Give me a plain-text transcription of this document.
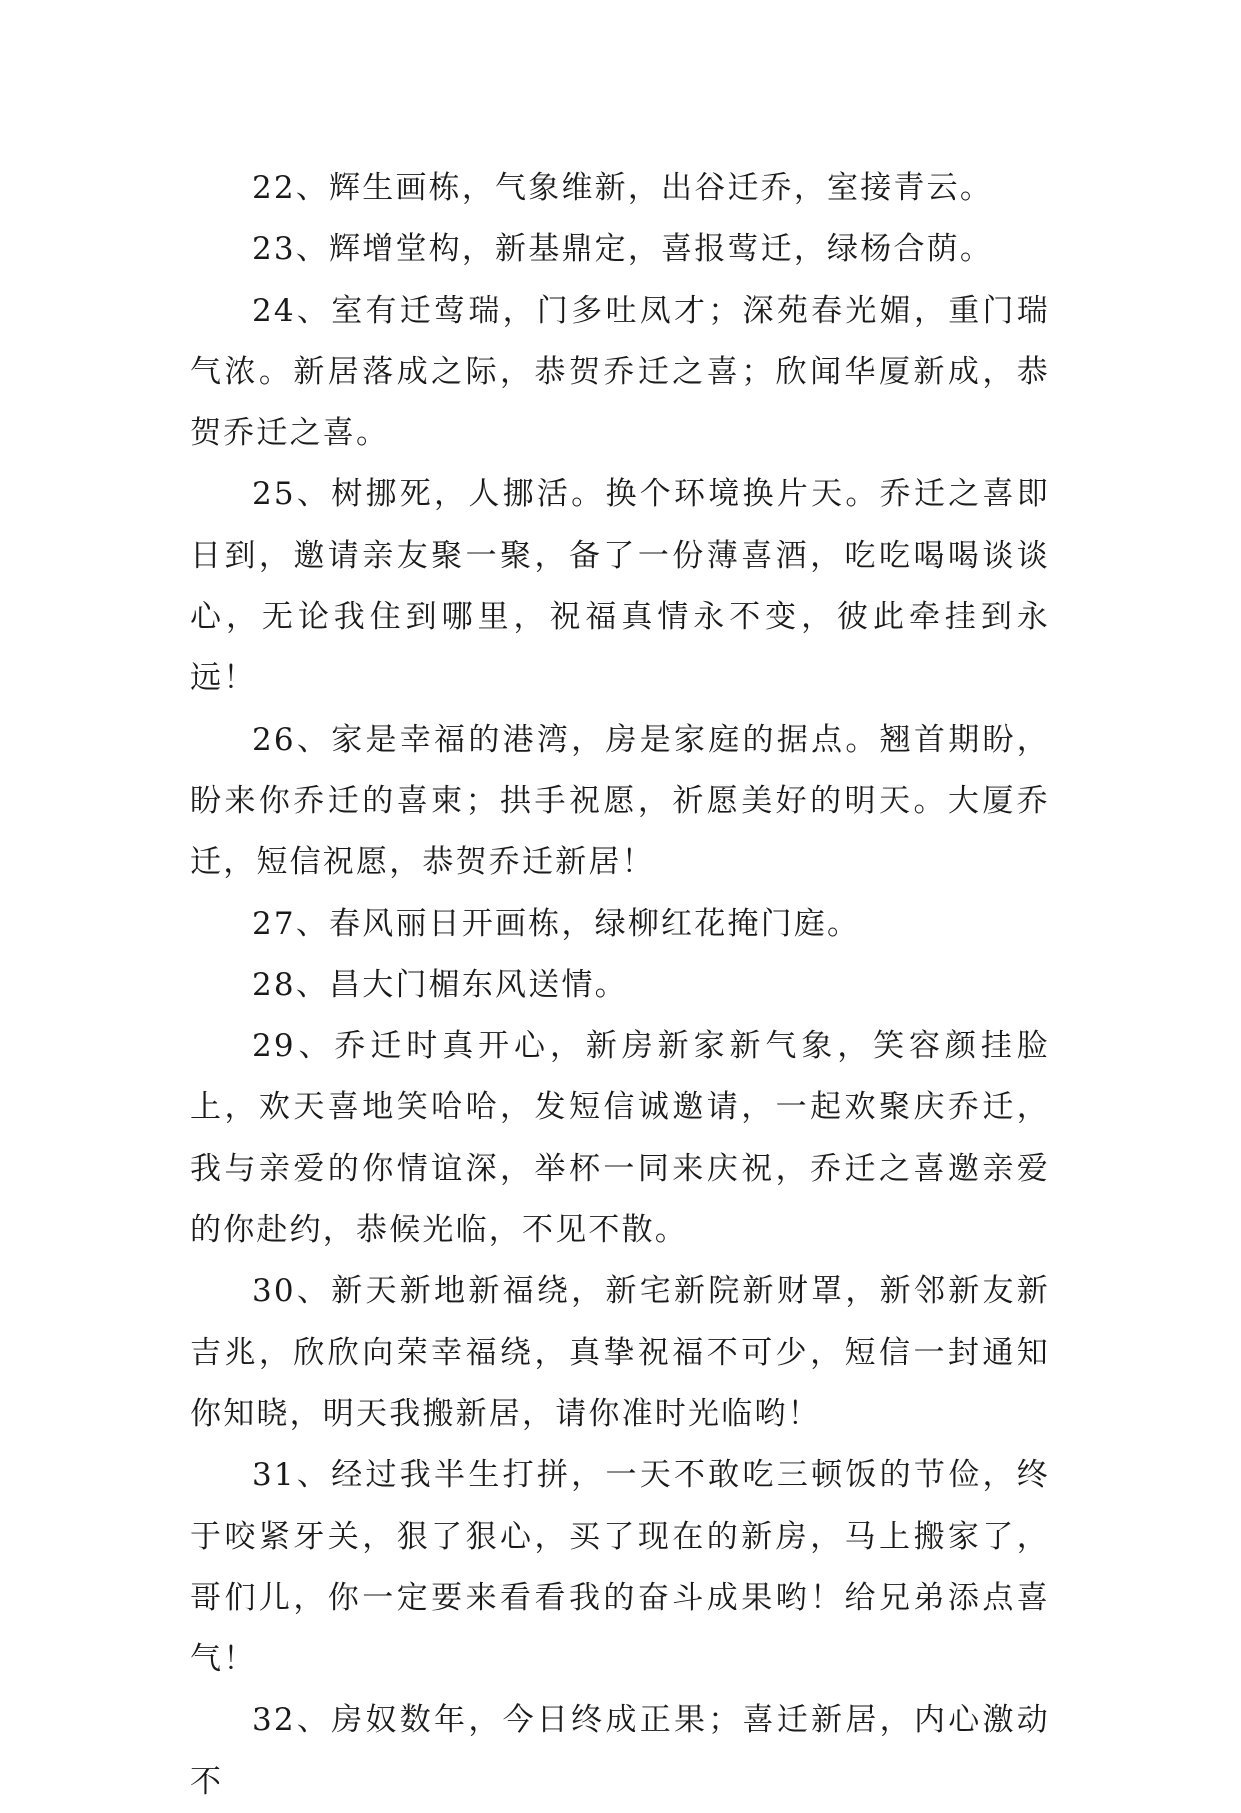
22、辉生画栋，气象维新，出谷迁乔，室接青云。

23、辉增堂构，新基鼎定，喜报莺迁，绿杨合荫。

24、室有迁莺瑞，门多吐凤才；深苑春光媚，重门瑞气浓。新居落成之际，恭贺乔迁之喜；欣闻华厦新成，恭贺乔迁之喜。

25、树挪死，人挪活。换个环境换片天。乔迁之喜即日到，邀请亲友聚一聚，备了一份薄喜酒，吃吃喝喝谈谈心，无论我住到哪里，祝福真情永不变，彼此牵挂到永远！

26、家是幸福的港湾，房是家庭的据点。翘首期盼，盼来你乔迁的喜柬；拱手祝愿，祈愿美好的明天。大厦乔迁，短信祝愿，恭贺乔迁新居！

27、春风丽日开画栋，绿柳红花掩门庭。

28、昌大门楣东风送情。

29、乔迁时真开心，新房新家新气象，笑容颜挂脸上，欢天喜地笑哈哈，发短信诚邀请，一起欢聚庆乔迁，我与亲爱的你情谊深，举杯一同来庆祝，乔迁之喜邀亲爱的你赴约，恭候光临，不见不散。

30、新天新地新福绕，新宅新院新财罩，新邻新友新吉兆，欣欣向荣幸福绕，真挚祝福不可少，短信一封通知你知晓，明天我搬新居，请你准时光临哟！

31、经过我半生打拼，一天不敢吃三顿饭的节俭，终于咬紧牙关，狠了狠心，买了现在的新房，马上搬家了，哥们儿，你一定要来看看我的奋斗成果哟！给兄弟添点喜气！

32、房奴数年，今日终成正果；喜迁新居，内心激动不
